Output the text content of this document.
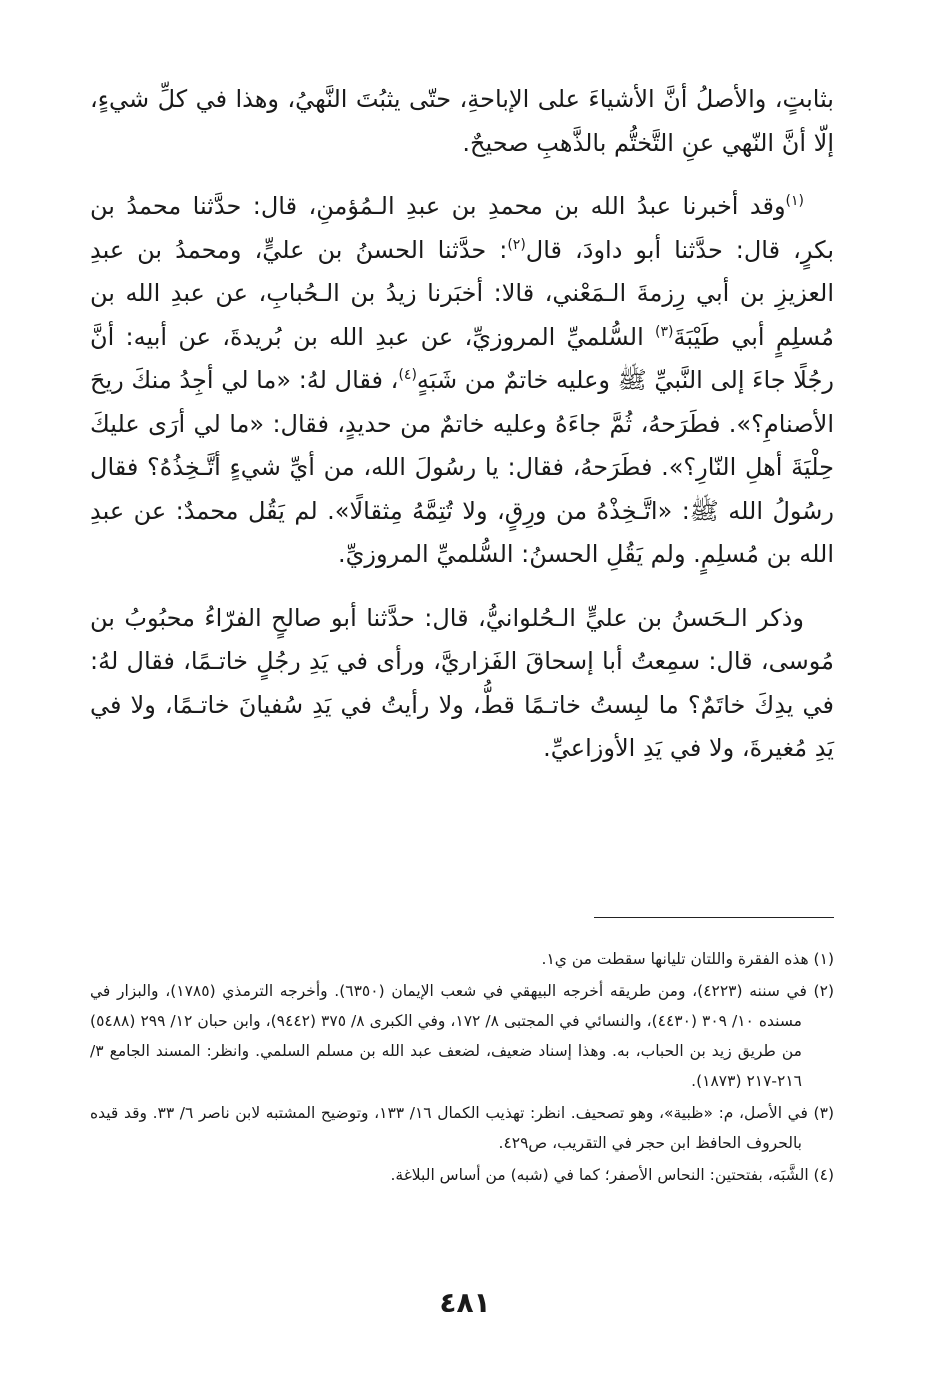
بثابتٍ، والأصلُ أنَّ الأشياءَ على الإباحةِ، حتّى يثبُتَ النَّهيُ، وهذا في كلِّ شيءٍ، إلّا أنَّ النّهي عنِ التَّختُّم بالذَّهبِ صحيحٌ.

$^{(١)}$وقد أخبرنا عبدُ الله بن محمدِ بن عبدِ الـمُؤمنِ، قال: حدَّثنا محمدُ بن بكرٍ، قال: حدَّثنا أبو داودَ، قال$^{(٢)}$: حدَّثنا الحسنُ بن عليٍّ، ومحمدُ بن عبدِ العزيزِ بن أبي رِزمةَ الـمَعْني، قالا: أخبَرنا زيدُ بن الـحُبابِ، عن عبدِ الله بن مُسلِمٍ أبي طَيْبَةَ$^{(٣)}$ السُّلميِّ المروزيِّ، عن عبدِ الله بن بُريدةَ، عن أبيه: أنَّ رجُلًا جاءَ إلى النَّبيِّ ﷺ وعليه خاتمٌ من شَبَهٍ$^{(٤)}$، فقال لهُ: «ما لي أجِدُ منكَ ريحَ الأصنامِ؟». فطَرَحهُ، ثُمَّ جاءَهُ وعليه خاتمٌ من حديدٍ، فقال: «ما لي أرَى عليكَ حِلْيَةَ أهلِ النّارِ؟». فطَرَحهُ، فقال: يا رسُولَ الله، من أيِّ شيءٍ أتَّـخِذُهُ؟ فقال رسُولُ الله ﷺ: «اتَّـخِذْهُ من ورِقٍ، ولا تُتِمَّهُ مِثقالًا». لم يَقُل محمدٌ: عن عبدِ الله بن مُسلِمٍ. ولم يَقُلِ الحسنُ: السُّلميِّ المروزيِّ.

وذكر الـحَسنُ بن عليٍّ الـحُلوانيُّ، قال: حدَّثنا أبو صالحٍ الفرّاءُ محبُوبُ بن مُوسى، قال: سمِعتُ أبا إسحاقَ الفَزاريَّ، ورأى في يَدِ رجُلٍ خاتـمًا، فقال لهُ: في يدِكَ خاتَمٌ؟ ما لبِستُ خاتـمًا قطُّ، ولا رأيتُ في يَدِ سُفيانَ خاتـمًا، ولا في يَدِ مُغيرةَ، ولا في يَدِ الأوزاعيِّ.

(١) هذه الفقرة واللتان تليانها سقطت من ي١.

(٢) في سننه (٤٢٢٣)، ومن طريقه أخرجه البيهقي في شعب الإيمان (٦٣٥٠). وأخرجه الترمذي (١٧٨٥)، والبزار في مسنده ١٠/ ٣٠٩ (٤٤٣٠)، والنسائي في المجتبى ٨/ ١٧٢، وفي الكبرى ٨/ ٣٧٥ (٩٤٤٢)، وابن حبان ١٢/ ٢٩٩ (٥٤٨٨) من طريق زيد بن الحباب، به. وهذا إسناد ضعيف، لضعف عبد الله بن مسلم السلمي. وانظر: المسند الجامع ٣/ ٢١٦-٢١٧ (١٨٧٣).

(٣) في الأصل، م: «ظبية»، وهو تصحيف. انظر: تهذيب الكمال ١٦/ ١٣٣، وتوضيح المشتبه لابن ناصر ٦/ ٣٣. وقد قيده بالحروف الحافظ ابن حجر في التقريب، ص٤٢٩.

(٤) الشَّبَه، بفتحتين: النحاس الأصفر؛ كما في (شبه) من أساس البلاغة.

٤٨١
